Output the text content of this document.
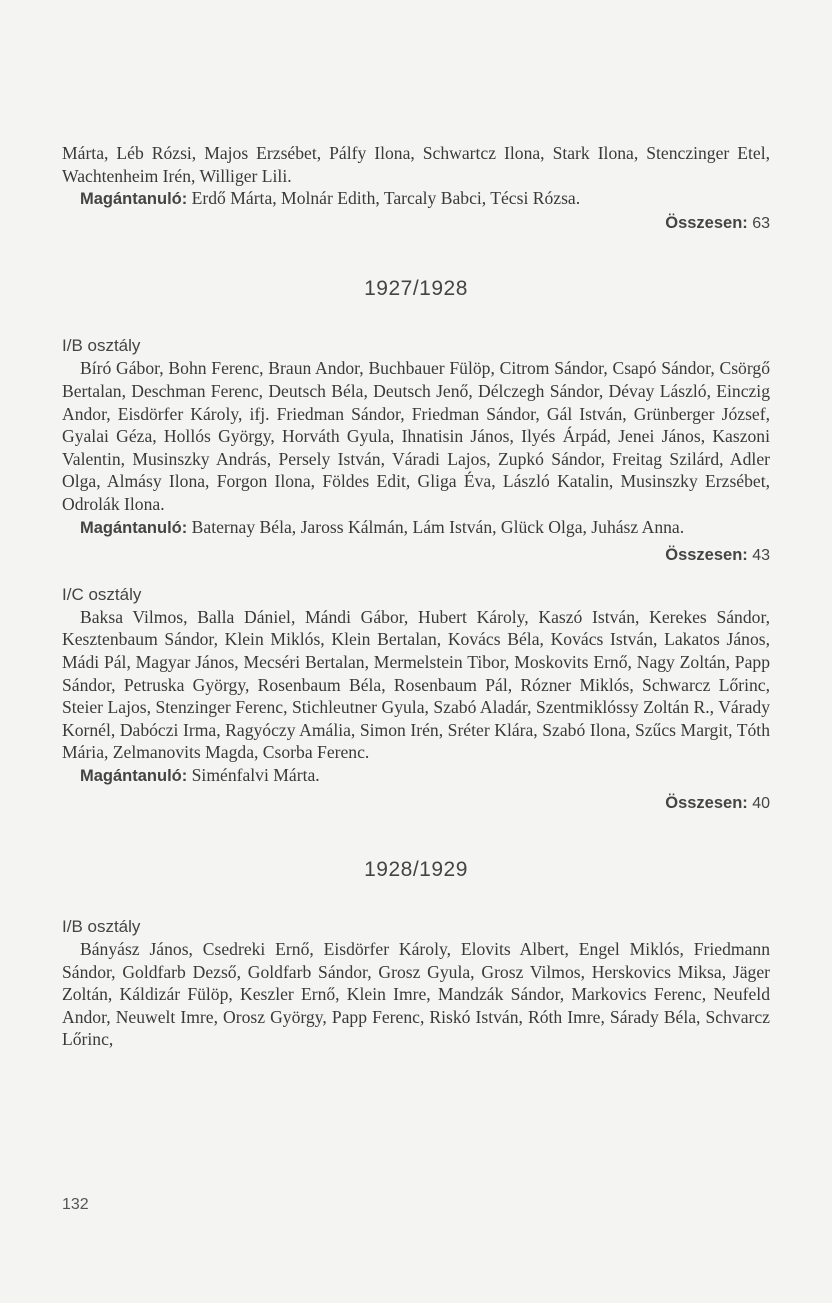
Márta, Léb Rózsi, Majos Erzsébet, Pálfy Ilona, Schwartcz Ilona, Stark Ilona, Stenczinger Etel, Wachtenheim Irén, Williger Lili.

Magántanuló: Erdő Márta, Molnár Edith, Tarcaly Babci, Técsi Rózsa.

Összesen: 63

1927/1928

I/B osztály

Bíró Gábor, Bohn Ferenc, Braun Andor, Buchbauer Fülöp, Citrom Sándor, Csapó Sándor, Csörgő Bertalan, Deschman Ferenc, Deutsch Béla, Deutsch Jenő, Délczegh Sándor, Dévay László, Einczig Andor, Eisdörfer Károly, ifj. Friedman Sándor, Friedman Sándor, Gál István, Grünberger József, Gyalai Géza, Hollós György, Horváth Gyula, Ihnatisin János, Ilyés Árpád, Jenei János, Kaszoni Valentin, Musinszky András, Persely István, Váradi Lajos, Zupkó Sándor, Freitag Szilárd, Adler Olga, Almásy Ilona, Forgon Ilona, Földes Edit, Gliga Éva, László Katalin, Musinszky Erzsébet, Odrolák Ilona.

Magántanuló: Baternay Béla, Jaross Kálmán, Lám István, Glück Olga, Juhász Anna.

Összesen: 43

I/C osztály

Baksa Vilmos, Balla Dániel, Mándi Gábor, Hubert Károly, Kaszó István, Kerekes Sándor, Kesztenbaum Sándor, Klein Miklós, Klein Bertalan, Kovács Béla, Kovács István, Lakatos János, Mádi Pál, Magyar János, Mecséri Bertalan, Mermelstein Tibor, Moskovits Ernő, Nagy Zoltán, Papp Sándor, Petruska György, Rosenbaum Béla, Rosenbaum Pál, Rózner Miklós, Schwarcz Lőrinc, Steier Lajos, Stenzinger Ferenc, Stichleutner Gyula, Szabó Aladár, Szentmiklóssy Zoltán R., Várady Kornél, Dabóczi Irma, Ragyóczy Amália, Simon Irén, Sréter Klára, Szabó Ilona, Szűcs Margit, Tóth Mária, Zelmanovits Magda, Csorba Ferenc.

Magántanuló: Siménfalvi Márta.

Összesen: 40

1928/1929

I/B osztály

Bányász János, Csedreki Ernő, Eisdörfer Károly, Elovits Albert, Engel Miklós, Friedmann Sándor, Goldfarb Dezső, Goldfarb Sándor, Grosz Gyula, Grosz Vilmos, Herskovics Miksa, Jäger Zoltán, Káldizár Fülöp, Keszler Ernő, Klein Imre, Mandzák Sándor, Markovics Ferenc, Neufeld Andor, Neuwelt Imre, Orosz György, Papp Ferenc, Riskó István, Róth Imre, Sárady Béla, Schvarcz Lőrinc,

132
